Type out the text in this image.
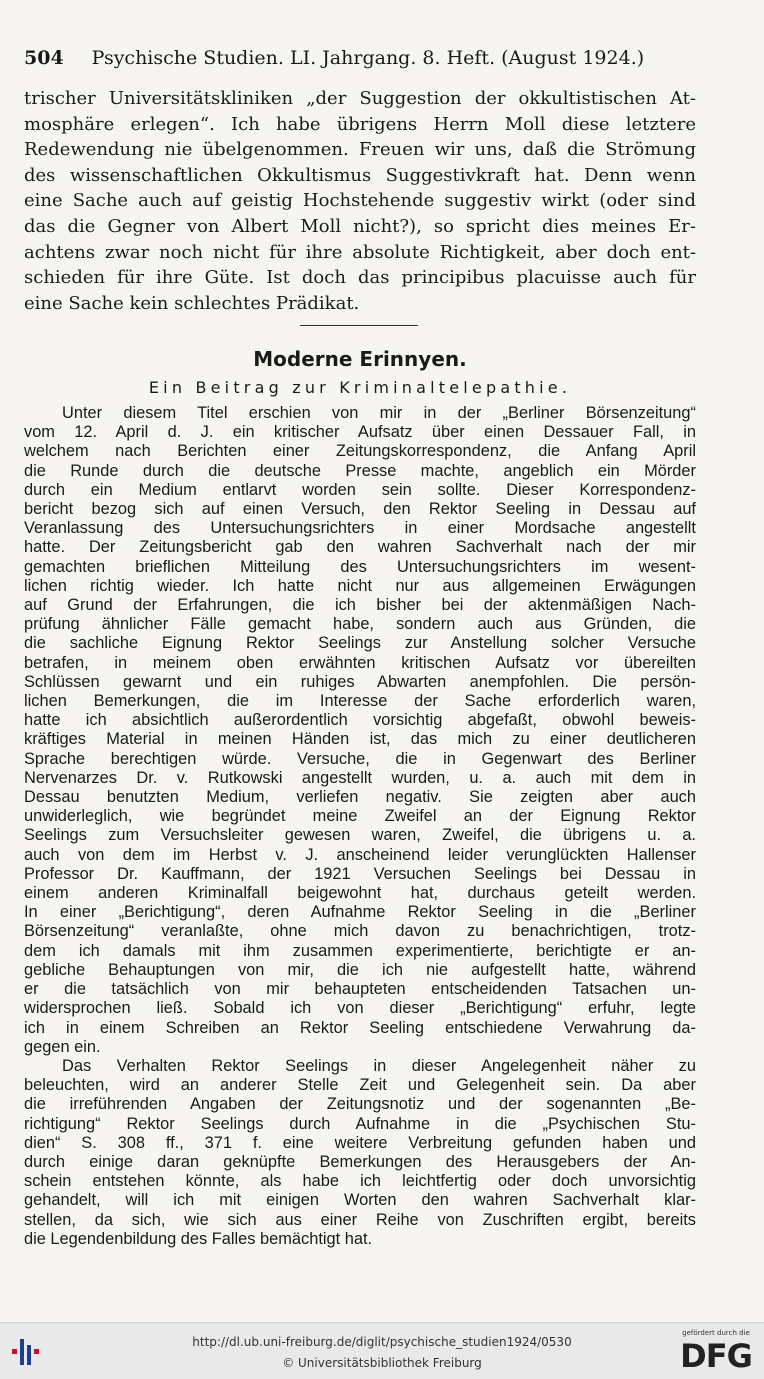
504 Psychische Studien. LI. Jahrgang. 8. Heft. (August 1924.)
trischer Universitätskliniken „der Suggestion der okkultistischen At-
mosphäre erlegen“. Ich habe übrigens Herrn Moll diese letztere
Redewendung nie übelgenommen. Freuen wir uns, daß die Strömung
des wissenschaftlichen Okkultismus Suggestivkraft hat. Denn wenn
eine Sache auch auf geistig Hochstehende suggestiv wirkt (oder sind
das die Gegner von Albert Moll nicht?), so spricht dies meines Er-
achtens zwar noch nicht für ihre absolute Richtigkeit, aber doch ent-
schieden für ihre Güte. Ist doch das principibus placuisse auch für
eine Sache kein schlechtes Prädikat.
Moderne Erinnyen.
Ein Beitrag zur Kriminaltelepathie.
Unter diesem Titel erschien von mir in der „Berliner Börsenzeitung“
vom 12. April d. J. ein kritischer Aufsatz über einen Dessauer Fall, in
welchem nach Berichten einer Zeitungskorrespondenz, die Anfang April
die Runde durch die deutsche Presse machte, angeblich ein Mörder
durch ein Medium entlarvt worden sein sollte. Dieser Korrespondenz-
bericht bezog sich auf einen Versuch, den Rektor Seeling in Dessau auf
Veranlassung des Untersuchungsrichters in einer Mordsache angestellt
hatte. Der Zeitungsbericht gab den wahren Sachverhalt nach der mir
gemachten brieflichen Mitteilung des Untersuchungsrichters im wesent-
lichen richtig wieder. Ich hatte nicht nur aus allgemeinen Erwägungen
auf Grund der Erfahrungen, die ich bisher bei der aktenmäßigen Nach-
prüfung ähnlicher Fälle gemacht habe, sondern auch aus Gründen, die
die sachliche Eignung Rektor Seelings zur Anstellung solcher Versuche
betrafen, in meinem oben erwähnten kritischen Aufsatz vor übereilten
Schlüssen gewarnt und ein ruhiges Abwarten anempfohlen. Die persön-
lichen Bemerkungen, die im Interesse der Sache erforderlich waren,
hatte ich absichtlich außerordentlich vorsichtig abgefaßt, obwohl beweis-
kräftiges Material in meinen Händen ist, das mich zu einer deutlicheren
Sprache berechtigen würde. Versuche, die in Gegenwart des Berliner
Nervenarzes Dr. v. Rutkowski angestellt wurden, u. a. auch mit dem in
Dessau benutzten Medium, verliefen negativ. Sie zeigten aber auch
unwiderleglich, wie begründet meine Zweifel an der Eignung Rektor
Seelings zum Versuchsleiter gewesen waren, Zweifel, die übrigens u. a.
auch von dem im Herbst v. J. anscheinend leider verunglückten Hallenser
Professor Dr. Kauffmann, der 1921 Versuchen Seelings bei Dessau in
einem anderen Kriminalfall beigewohnt hat, durchaus geteilt werden.
In einer „Berichtigung“, deren Aufnahme Rektor Seeling in die „Berliner
Börsenzeitung“ veranlaßte, ohne mich davon zu benachrichtigen, trotz-
dem ich damals mit ihm zusammen experimentierte, berichtigte er an-
gebliche Behauptungen von mir, die ich nie aufgestellt hatte, während
er die tatsächlich von mir behaupteten entscheidenden Tatsachen un-
widersprochen ließ. Sobald ich von dieser „Berichtigung“ erfuhr, legte
ich in einem Schreiben an Rektor Seeling entschiedene Verwahrung da-
gegen ein.
Das Verhalten Rektor Seelings in dieser Angelegenheit näher zu
beleuchten, wird an anderer Stelle Zeit und Gelegenheit sein. Da aber
die irreführenden Angaben der Zeitungsnotiz und der sogenannten „Be-
richtigung“ Rektor Seelings durch Aufnahme in die „Psychischen Stu-
dien“ S. 308 ff., 371 f. eine weitere Verbreitung gefunden haben und
durch einige daran geknüpfte Bemerkungen des Herausgebers der An-
schein entstehen könnte, als habe ich leichtfertig oder doch unvorsichtig
gehandelt, will ich mit einigen Worten den wahren Sachverhalt klar-
stellen, da sich, wie sich aus einer Reihe von Zuschriften ergibt, bereits
die Legendenbildung des Falles bemächtigt hat.
http://dl.ub.uni-freiburg.de/diglit/psychische_studien1924/0530
© Universitätsbibliothek Freiburg
gefördert durch die
DFG
